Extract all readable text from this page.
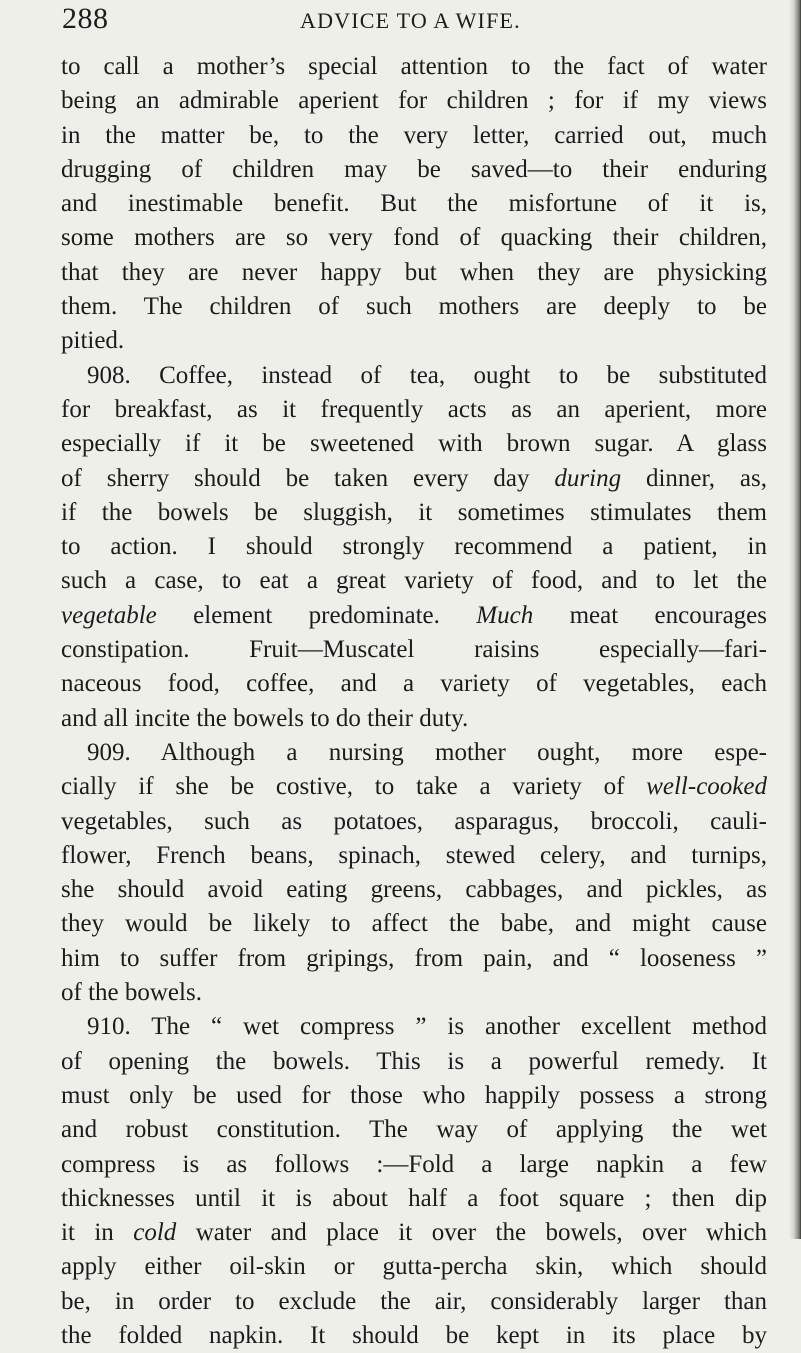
288	ADVICE TO A WIFE.
to call a mother’s special attention to the fact of water
being an admirable aperient for children ; for if my views
in the matter be, to the very letter, carried out, much
drugging of children may be saved—to their enduring
and inestimable benefit. But the misfortune of it is,
some mothers are so very fond of quacking their children,
that they are never happy but when they are physicking
them. The children of such mothers are deeply to be
pitied.
908. Coffee, instead of tea, ought to be substituted
for breakfast, as it frequently acts as an aperient, more
especially if it be sweetened with brown sugar. A glass
of sherry should be taken every day during dinner, as,
if the bowels be sluggish, it sometimes stimulates them
to action. I should strongly recommend a patient, in
such a case, to eat a great variety of food, and to let the
vegetable element predominate. Much meat encourages
constipation. Fruit—Muscatel raisins especially—fari-
naceous food, coffee, and a variety of vegetables, each
and all incite the bowels to do their duty.
909. Although a nursing mother ought, more espe-
cially if she be costive, to take a variety of well-cooked
vegetables, such as potatoes, asparagus, broccoli, cauli-
flower, French beans, spinach, stewed celery, and turnips,
she should avoid eating greens, cabbages, and pickles, as
they would be likely to affect the babe, and might cause
him to suffer from gripings, from pain, and “ looseness ”
of the bowels.
910. The “ wet compress ” is another excellent method
of opening the bowels. This is a powerful remedy. It
must only be used for those who happily possess a strong
and robust constitution. The way of applying the wet
compress is as follows :—Fold a large napkin a few
thicknesses until it is about half a foot square ; then dip
it in cold water and place it over the bowels, over which
apply either oil-skin or gutta-percha skin, which should
be, in order to exclude the air, considerably larger than
the folded napkin. It should be kept in its place by
